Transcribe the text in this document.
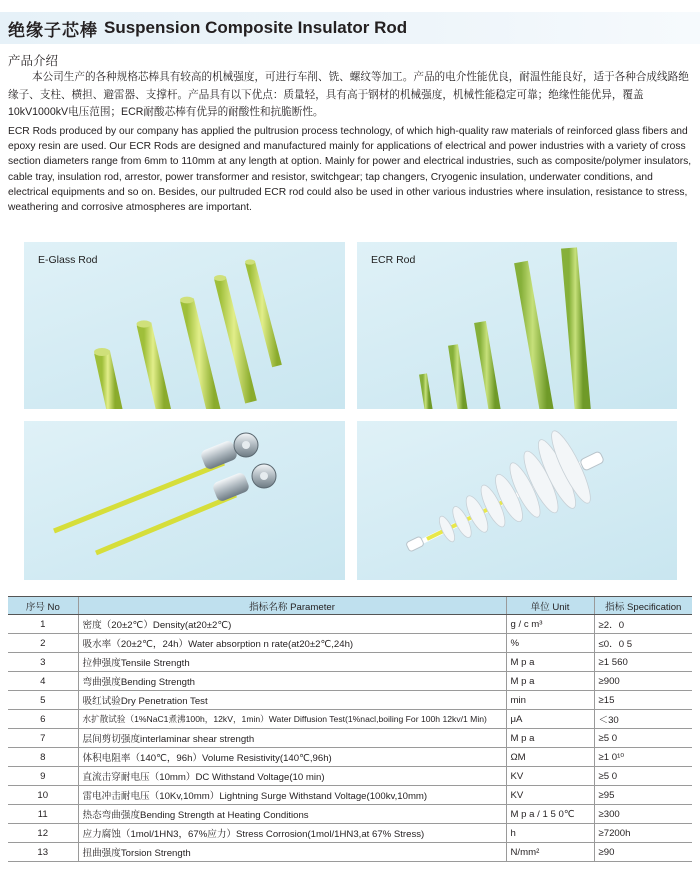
绝缘子芯棒 Suspension Composite Insulator Rod
产品介绍

本公司生产的各种规格芯棒具有较高的机械强度，可进行车削、铣、螺纹等加工。产品的电介性能优良，耐温性能良好，适于各种合成线路绝缘子、支柱、横担、避雷器、支撑杆。产品具有以下优点：质量轻，具有高于钢材的机械强度，机械性能稳定可靠；绝缘性能优异，覆盖10kV1000kV电压范围；ECR耐酸芯棒有优异的耐酸性和抗脆断性。

ECR Rods produced by our company has applied the pultrusion process technology, of which high-quality raw materials of reinforced glass fibers and epoxy resin are used. Our ECR Rods are designed and manufactured mainly for applications of electrical and power industries with a variety of cross section diameters range from 6mm to 110mm at any length at option. Mainly for power and electrical industries, such as composite/polymer insulators, cable tray, insulation rod, arrestor, power transformer and resistor, switchgear; tap changers, Cryogenic insulation, underwater conditions, and electrical equipments and so on. Besides, our pultruded ECR rod could also be used in other various industries where insulation, resistance to stress, weathering and corrosive atmospheres are important.

E-Glass Rod	ECR Rod
序号 No	指标名称 Parameter	单位 Unit	指标 Specification
1	密度（20±2℃）Density(at20±2℃)	g / c m³	≥2．0
2	吸水率（20±2℃，24h）Water absorption n rate(at20±2℃,24h)	%	≤0．0 5
3	拉伸强度Tensile Strength	M p a	≥1 560
4	弯曲强度Bending Strength	M p a	≥900
5	吸红试验Dry Penetration Test	min	≥15
6	水扩散试验（1%NaC1煮沸100h，12kV，1min）Water Diffusion Test(1%nacl,boiling For 100h 12kv/1 Min)	μA	＜30
7	层间剪切强度interlaminar shear strength	M p a	≥5 0
8	体积电阻率（140℃，96h）Volume Resistivity(140℃,96h)	ΩM	≥1 0¹⁰
9	直流击穿耐电压（10mm）DC Withstand Voltage(10 min)	KV	≥5 0
10	雷电冲击耐电压（10Kv,10mm）Lightning Surge Withstand Voltage(100kv,10mm)	KV	≥95
11	热态弯曲强度Bending Strength at Heating Conditions	M p a / 1 5 0℃	≥300
12	应力腐蚀（1mol/1HN3，67%应力）Stress Corrosion(1mol/1HN3,at 67% Stress)	h	≥7200h
13	扭曲强度Torsion Strength	N/mm²	≥90
